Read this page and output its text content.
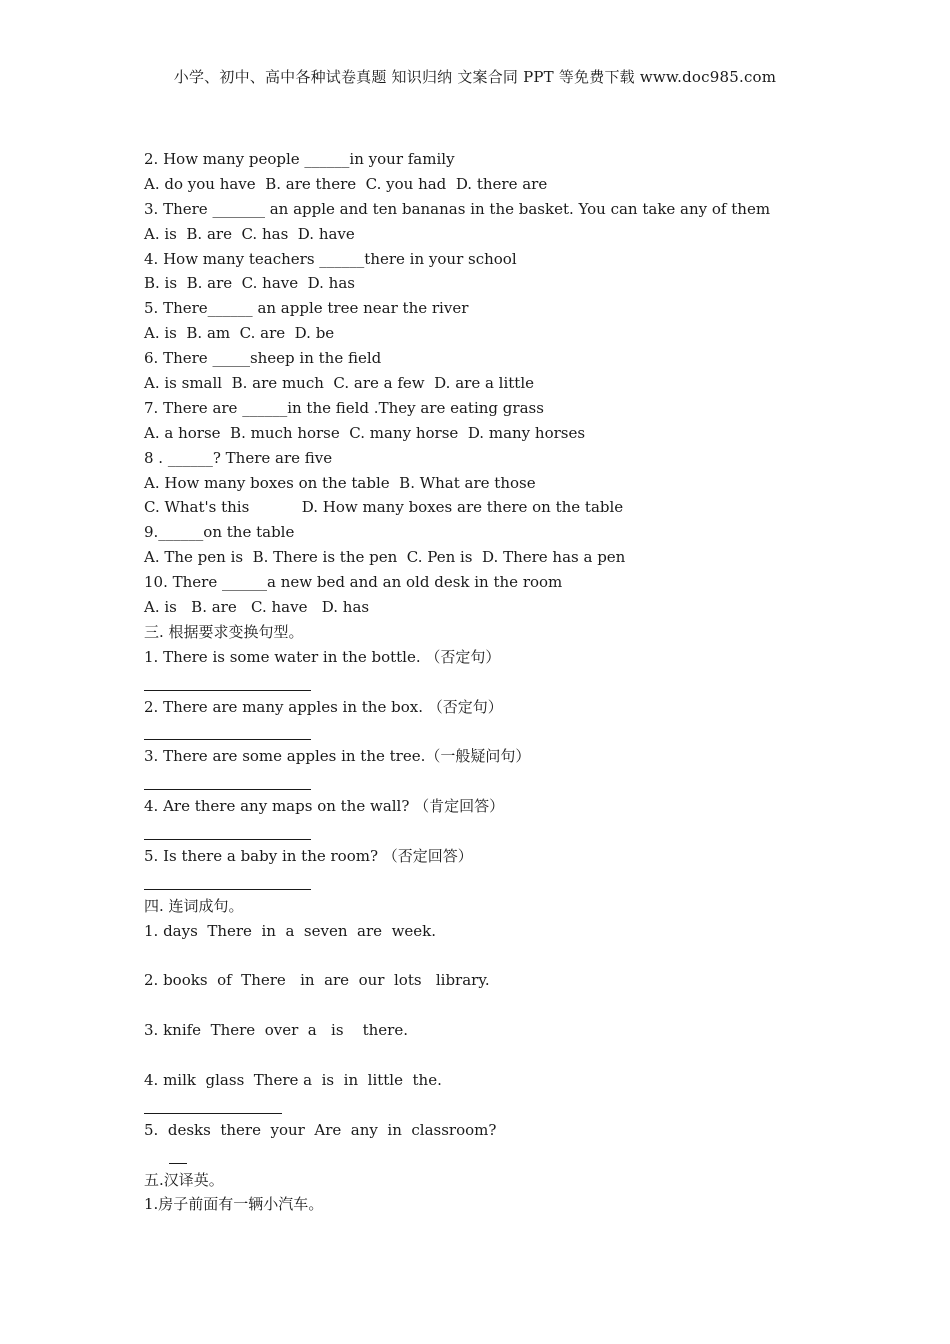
小学、初中、高中各种试卷真题 知识归纳 文案合同 PPT 等免费下载 www.doc985.com
2. How many people ______in your family
A. do you have  B. are there  C. you had  D. there are
3. There _______ an apple and ten bananas in the basket. You can take any of them
A. is  B. are  C. has  D. have
4. How many teachers ______there in your school
B. is  B. are  C. have  D. has
5. There______ an apple tree near the river
A. is  B. am  C. are  D. be
6. There _____sheep in the field
A. is small  B. are much  C. are a few  D. are a little
7. There are ______in the field .They are eating grass
A. a horse  B. much horse  C. many horse  D. many horses
8 . ______? There are five
A. How many boxes on the table  B. What are those
C. What's this           D. How many boxes are there on the table
9.______on the table
A. The pen is  B. There is the pen  C. Pen is  D. There has a pen
10. There ______a new bed and an old desk in the room
A. is   B. are   C. have   D. has
三. 根据要求变换句型。
1. There is some water in the bottle. （否定句）
2. There are many apples in the box. （否定句）
3. There are some apples in the tree.（一般疑问句）
4. Are there any maps on the wall? （肯定回答）
5. Is there a baby in the room? （否定回答）
四. 连词成句。
1. days  There  in  a  seven  are  week.
2. books  of  There   in  are  our  lots   library.
3. knife  There  over  a   is    there.
4. milk  glass  There a  is  in  little  the.
5.  desks  there  your  Are  any  in  classroom?
五.汉译英。
1.房子前面有一辆小汽车。
